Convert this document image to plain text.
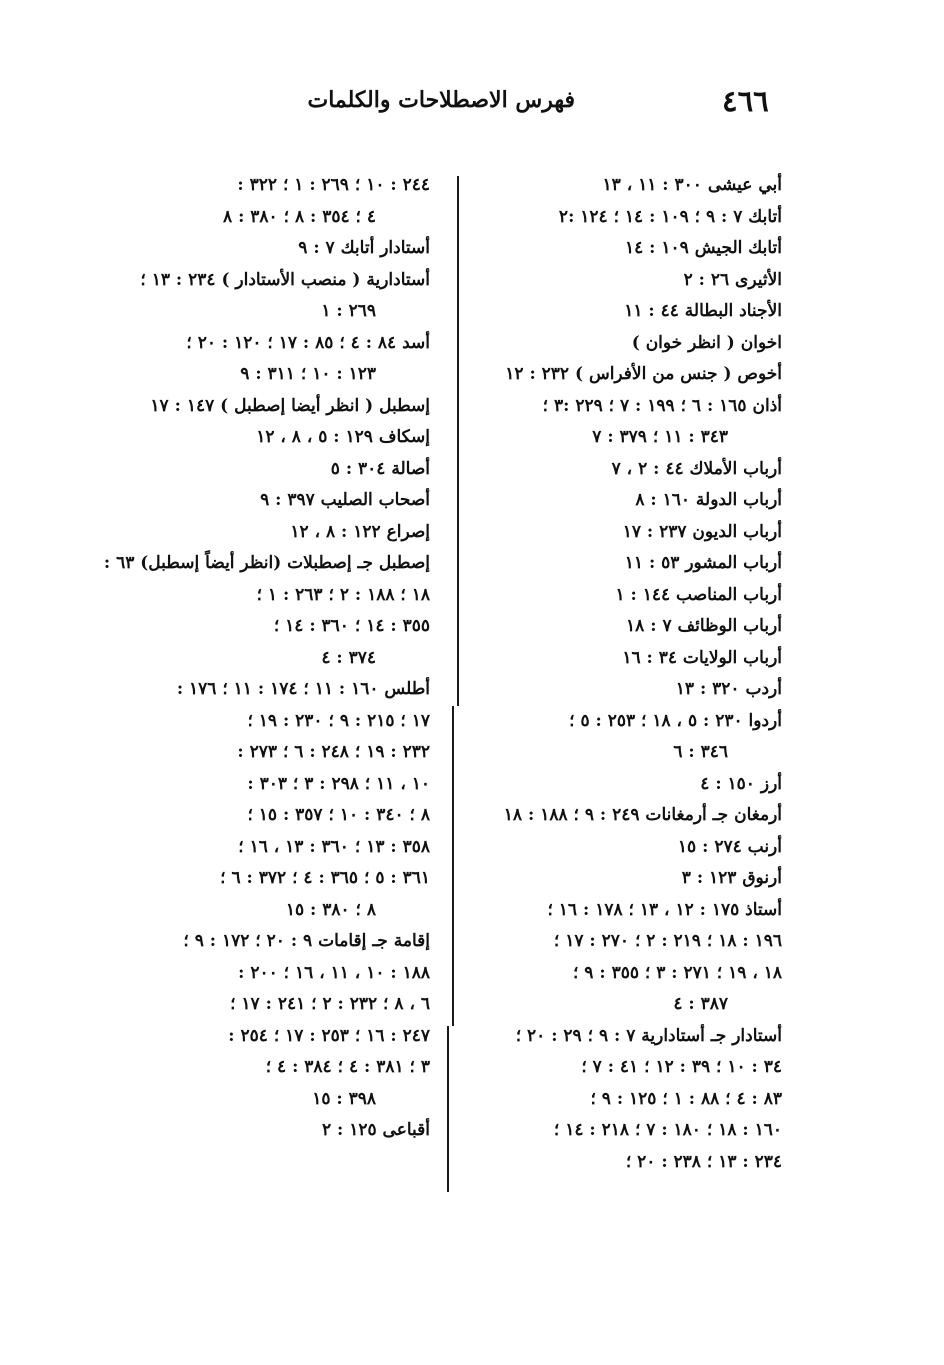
٤٦٦
فهرس الاصطلاحات والكلمات
أبي عيشى ٣٠٠ : ١١ ، ١٣
أتابك ٧ : ٩ ؛ ١٠٩ : ١٤ ؛ ١٢٤ :٢
أتابك الجيش ١٠٩ : ١٤
الأثيرى ٢٦ : ٢
الأجناد البطالة ٤٤ : ١١
اخوان ( انظر خوان )
أخوص ( جنس من الأفراس ) ٢٣٢ : ١٢
أذان ١٦٥ : ٦ ؛ ١٩٩ : ٧ ؛ ٢٢٩ :٣ ؛
٣٤٣ : ١١ ؛ ٣٧٩ : ٧
أرباب الأملاك ٤٤ : ٢ ، ٧
أرباب الدولة ١٦٠ : ٨
أرباب الديون ٢٣٧ : ١٧
أرباب المشور ٥٣ : ١١
أرباب المناصب ١٤٤ : ١
أرباب الوظائف ٧ : ١٨
أرباب الولايات ٣٤ : ١٦
أردب ٣٢٠ : ١٣
أردوا ٢٣٠ : ٥ ، ١٨ ؛ ٢٥٣ : ٥ ؛
٣٤٦ : ٦
أرز ١٥٠ : ٤
أرمغان جـ أرمغانات ٢٤٩ : ٩ ؛ ١٨٨ : ١٨
أرنب ٢٧٤ : ١٥
أرنوق ١٢٣ : ٣
أستاذ ١٧٥ : ١٢ ، ١٣ ؛ ١٧٨ : ١٦ ؛
١٩٦ : ١٨ ؛ ٢١٩ : ٢ ؛ ٢٧٠ : ١٧ ؛
١٨ ، ١٩ ؛ ٢٧١ : ٣ ؛ ٣٥٥ : ٩ ؛
٣٨٧ : ٤
أستادار جـ أستادارية ٧ : ٩ ؛ ٢٩ : ٢٠ ؛
٣٤ : ١٠ ؛ ٣٩ : ١٢ ؛ ٤١ : ٧ ؛
٨٣ : ٤ ؛ ٨٨ : ١ ؛ ١٢٥ : ٩ ؛
١٦٠ : ١٨ ؛ ١٨٠ : ٧ ؛ ٢١٨ : ١٤ ؛
٢٣٤ : ١٣ ؛ ٢٣٨ : ٢٠ ؛
٢٤٤ : ١٠ ؛ ٢٦٩ : ١ ؛ ٣٢٢ :
٤ ؛ ٣٥٤ : ٨ ؛ ٣٨٠ : ٨
أستادار أتابك ٧ : ٩
أستادارية ( منصب الأستادار ) ٢٣٤ : ١٣ ؛
٢٦٩ : ١
أسد ٨٤ : ٤ ؛ ٨٥ : ١٧ ؛ ١٢٠ : ٢٠ ؛
١٢٣ : ١٠ ؛ ٣١١ : ٩
إسطبل ( انظر أيضا إصطبل ) ١٤٧ : ١٧
إسكاف ١٢٩ : ٥ ، ٨ ، ١٢
أصالة ٣٠٤ : ٥
أصحاب الصليب ٣٩٧ : ٩
إصراع ١٢٢ : ٨ ، ١٢
إصطبل جـ إصطبلات (انظر أيضاً إسطبل) ٦٣ :
١٨ ؛ ١٨٨ : ٢ ؛ ٢٦٣ : ١ ؛
٣٥٥ : ١٤ ؛ ٣٦٠ : ١٤ ؛
٣٧٤ : ٤
أطلس ١٦٠ : ١١ ؛ ١٧٤ : ١١ ؛ ١٧٦ :
١٧ ؛ ٢١٥ : ٩ ؛ ٢٣٠ : ١٩ ؛
٢٣٢ : ١٩ ؛ ٢٤٨ : ٦ ؛ ٢٧٣ :
١٠ ، ١١ ؛ ٢٩٨ : ٣ ؛ ٣٠٣ :
٨ ؛ ٣٤٠ : ١٠ ؛ ٣٥٧ : ١٥ ؛
٣٥٨ : ١٣ ؛ ٣٦٠ : ١٣ ، ١٦ ؛
٣٦١ : ٥ ؛ ٣٦٥ : ٤ ؛ ٣٧٢ : ٦ ؛
٨ ؛ ٣٨٠ : ١٥
إقامة جـ إقامات ٩ : ٢٠ ؛ ١٧٢ : ٩ ؛
١٨٨ : ١٠ ، ١١ ، ١٦ ؛ ٢٠٠ :
٦ ، ٨ ؛ ٢٣٢ : ٢ ؛ ٢٤١ : ١٧ ؛
٢٤٧ : ١٦ ؛ ٢٥٣ : ١٧ ؛ ٢٥٤ :
٣ ؛ ٣٨١ : ٤ ؛ ٣٨٤ : ٤ ؛
٣٩٨ : ١٥
أقباعى ١٢٥ : ٢
